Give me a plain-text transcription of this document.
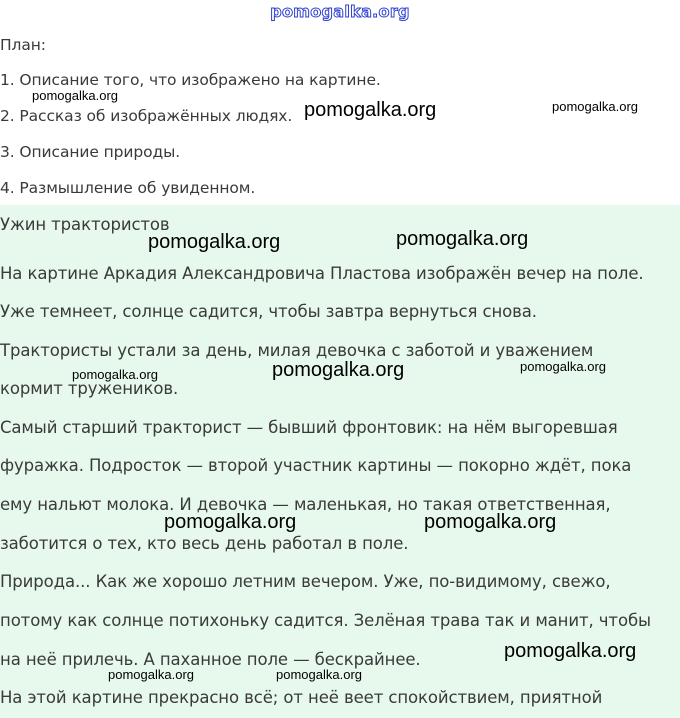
pomogalka.org
План:
1. Описание того, что изображено на картине.
2. Рассказ об изображённых людях.
3. Описание природы.
4. Размышление об увиденном.
Ужин трактористов
На картине Аркадия Александровича Пластова изображён вечер на поле.
Уже темнеет, солнце садится, чтобы завтра вернуться снова.
Трактористы устали за день, милая девочка с заботой и уважением
кормит тружеников.
Самый старший тракторист — бывший фронтовик: на нём выгоревшая
фуражка. Подросток — второй участник картины — покорно ждёт, пока
ему нальют молока. И девочка — маленькая, но такая ответственная,
заботится о тех, кто весь день работал в поле.
Природа... Как же хорошо летним вечером. Уже, по-видимому, свежо,
потому как солнце потихоньку садится. Зелёная трава так и манит, чтобы
на неё прилечь. А паханное поле — бескрайнее.
На этой картине прекрасно всё; от неё веет спокойствием, приятной
pomogalka.org
pomogalka.org	pomogalka.org
pomogalka.org	pomogalka.org
pomogalka.org	pomogalka.org	pomogalka.org
pomogalka.org	pomogalka.org
pomogalka.org
pomogalka.org	pomogalka.org
